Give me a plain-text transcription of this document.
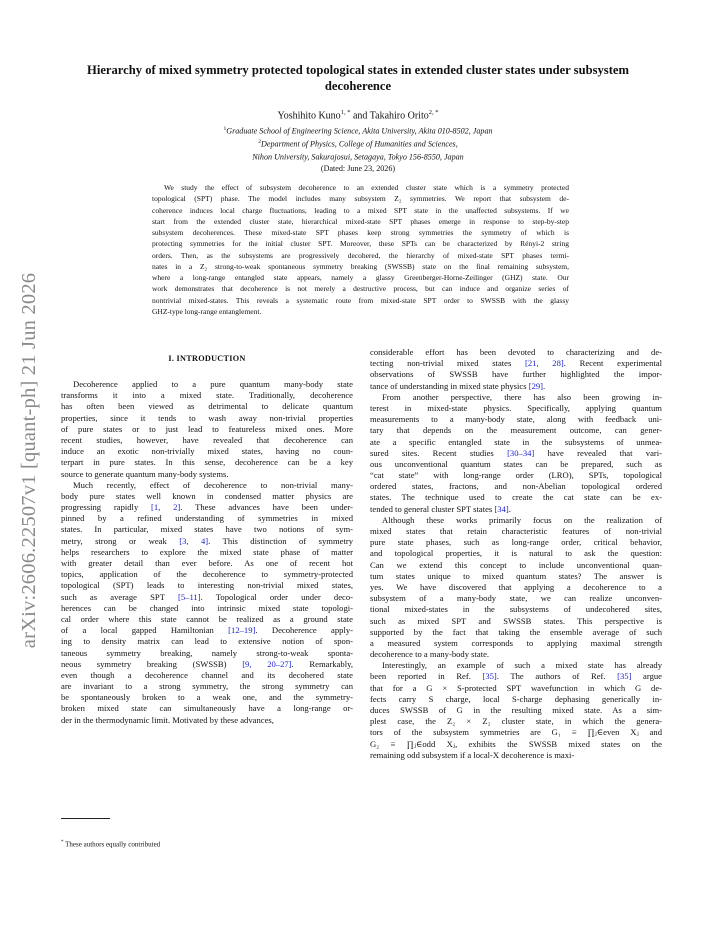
arXiv:2606.22507v1 [quant-ph] 21 Jun 2026
Hierarchy of mixed symmetry protected topological states in extended cluster states under subsystem decoherence
Yoshihito Kuno$^{1, *}$ and Takahiro Orito$^{2, *}$
$^1$Graduate School of Engineering Science, Akita University, Akita 010-8502, Japan
$^2$Department of Physics, College of Humanities and Sciences,
Nihon University, Sakurajosui, Setagaya, Tokyo 156-8550, Japan
(Dated: June 23, 2026)
We study the effect of subsystem decoherence to an extended cluster state which is a symmetry protected
topological (SPT) phase. The model includes many subsystem Z₂ symmetries. We report that subsystem de-
coherence induces local charge fluctuations, leading to a mixed SPT state in the unaffected subsystems. If we
start from the extended cluster state, hierarchical mixed-state SPT phases emerge in response to step-by-step
subsystem decoherences. These mixed-state SPT phases keep strong symmetries the symmetry of which is
protecting symmetries for the initial cluster SPT. Moreover, these SPTs can be characterized by Rényi-2 string
orders. Then, as the subsystems are progressively decohered, the hierarchy of mixed-state SPT phases termi-
nates in a Z₂ strong-to-weak spontaneous symmetry breaking (SWSSB) state on the final remaining subsystem,
where a long-range entangled state appears, namely a glassy Greenberger-Horne-Zeilinger (GHZ) state. Our
work demonstrates that decoherence is not merely a destructive process, but can induce and organize series of
nontrivial mixed-states. This reveals a systematic route from mixed-state SPT order to SWSSB with the glassy
GHZ-type long-range entanglement.
I. INTRODUCTION
Decoherence applied to a pure quantum many-body state
transforms it into a mixed state. Traditionally, decoherence
has often been viewed as detrimental to delicate quantum
properties, since it tends to wash away non-trivial properties
of pure states or to just lead to featureless mixed ones. More
recent studies, however, have revealed that decoherence can
induce an exotic non-trivially mixed states, having no coun-
terpart in pure states. In this sense, decoherence can be a key
source to generate quantum many-body systems.
Much recently, effect of decoherence to non-trivial many-
body pure states well known in condensed matter physics are
progressing rapidly [1, 2]. These advances have been under-
pinned by a refined understanding of symmetries in mixed
states. In particular, mixed states have two notions of sym-
metry, strong or weak [3, 4]. This distinction of symmetry
helps researchers to explore the mixed state phase of matter
with greater detail than ever before. As one of recent hot
topics, application of the decoherence to symmetry-protected
topological (SPT) leads to interesting non-trivial mixed states,
such as average SPT [5–11]. Topological order under deco-
herences can be changed into intrinsic mixed state topologi-
cal order where this state cannot be realized as a ground state
of a local gapped Hamiltonian [12–19]. Decoherence apply-
ing to density matrix can lead to extensive notion of spon-
taneous symmetry breaking, namely strong-to-weak sponta-
neous symmetry breaking (SWSSB) [9, 20–27]. Remarkably,
even though a decoherence channel and its decohered state
are invariant to a strong symmetry, the strong symmetry can
be spontaneously broken to a weak one, and the symmetry-
broken mixed state can simultaneously have a long-range or-
der in the thermodynamic limit. Motivated by these advances,
considerable effort has been devoted to characterizing and de-
tecting non-trivial mixed states [21, 28]. Recent experimental
observations of SWSSB have further highlighted the impor-
tance of understanding in mixed state physics [29].
From another perspective, there has also been growing in-
terest in mixed-state physics. Specifically, applying quantum
measurements to a many-body state, along with feedback uni-
tary that depends on the measurement outcome, can gener-
ate a specific entangled state in the subsystems of unmea-
sured sites. Recent studies [30–34] have revealed that vari-
ous unconventional quantum states can be prepared, such as
“cat state” with long-range order (LRO), SPTs, topological
ordered states, fractons, and non-Abelian topological ordered
states. The technique used to create the cat state can be ex-
tended to general cluster SPT states [34].
Although these works primarily focus on the realization of
mixed states that retain characteristic features of non-trivial
pure state phases, such as long-range order, critical behavior,
and topological properties, it is natural to ask the question:
Can we extend this concept to include unconventional quan-
tum states unique to mixed quantum states? The answer is
yes. We have discovered that applying a decoherence to a
subsystem of a many-body state, we can realize unconven-
tional mixed-states in the subsystems of undecohered sites,
such as mixed SPT and SWSSB states. This perspective is
supported by the fact that taking the ensemble average of such
a measured system corresponds to applying maximal strength
decoherence to a many-body state.
Interestingly, an example of such a mixed state has already
been reported in Ref. [35]. The authors of Ref. [35] argue
that for a G × S-protected SPT wavefunction in which G de-
fects carry S charge, local S-charge dephasing generically in-
duces SWSSB of G in the resulting mixed state. As a sim-
plest case, the Z₂ × Z₂ cluster state, in which the genera-
tors of the subsystem symmetries are G₁ ≡ ∏ⱼ∈even Xⱼ and
G₂ ≡ ∏ⱼ∈odd Xⱼ, exhibits the SWSSB mixed states on the
remaining odd subsystem if a local-X decoherence is maxi-
* These authors equally contributed
